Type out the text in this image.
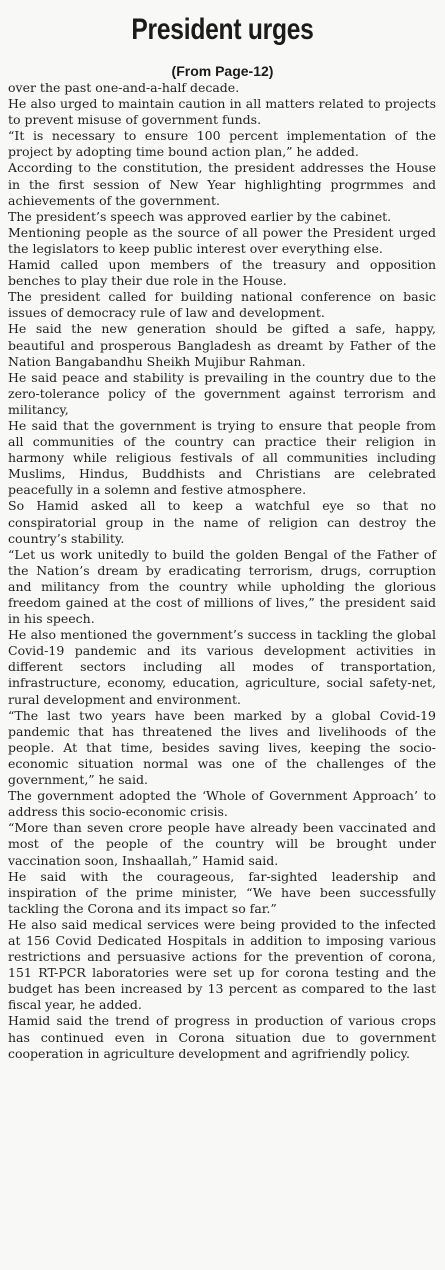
President urges
(From Page-12)

over the past one-and-a-half decade.

He also urged to maintain caution in all matters related to projects to prevent misuse of government funds.

“It is necessary to ensure 100 percent implementation of the project by adopting time bound action plan,” he added.

According to the constitution, the president addresses the House in the first session of New Year highlighting progrmmes and achievements of the government.

The president’s speech was approved earlier by the cabinet.

Mentioning people as the source of all power the President urged the legislators to keep public interest over everything else.

Hamid called upon members of the treasury and opposition benches to play their due role in the House.

The president called for building national conference on basic issues of democracy rule of law and development.

He said the new generation should be gifted a safe, happy, beautiful and prosperous Bangladesh as dreamt by Father of the Nation Bangabandhu Sheikh Mujibur Rahman.

He said peace and stability is prevailing in the country due to the zero-tolerance policy of the government against terrorism and militancy,

He said that the government is trying to ensure that people from all communities of the country can practice their religion in harmony while religious festivals of all communities including Muslims, Hindus, Buddhists and Christians are celebrated peacefully in a solemn and festive atmosphere.

So Hamid asked all to keep a watchful eye so that no conspiratorial group in the name of religion can destroy the country’s stability.

“Let us work unitedly to build the golden Bengal of the Father of the Nation’s dream by eradicating terrorism, drugs, corruption and militancy from the country while upholding the glorious freedom gained at the cost of millions of lives,” the president said in his speech.

He also mentioned the government’s success in tackling the global Covid-19 pandemic and its various development activities in different sectors including all modes of transportation, infrastructure, economy, education, agriculture, social safety-net, rural development and environment.

“The last two years have been marked by a global Covid-19 pandemic that has threatened the lives and livelihoods of the people. At that time, besides saving lives, keeping the socio-economic situation normal was one of the challenges of the government,” he said.

The government adopted the ‘Whole of Government Approach’ to address this socio-economic crisis.

“More than seven crore people have already been vaccinated and most of the people of the country will be brought under vaccination soon, Inshaallah,” Hamid said.

He said with the courageous, far-sighted leadership and inspiration of the prime minister, “We have been successfully tackling the Corona and its impact so far.”

He also said medical services were being provided to the infected at 156 Covid Dedicated Hospitals in addition to imposing various restrictions and persuasive actions for the prevention of corona, 151 RT-PCR laboratories were set up for corona testing and the budget has been increased by 13 percent as compared to the last fiscal year, he added.

Hamid said the trend of progress in production of various crops has continued even in Corona situation due to government cooperation in agriculture development and agrifriendly policy.
